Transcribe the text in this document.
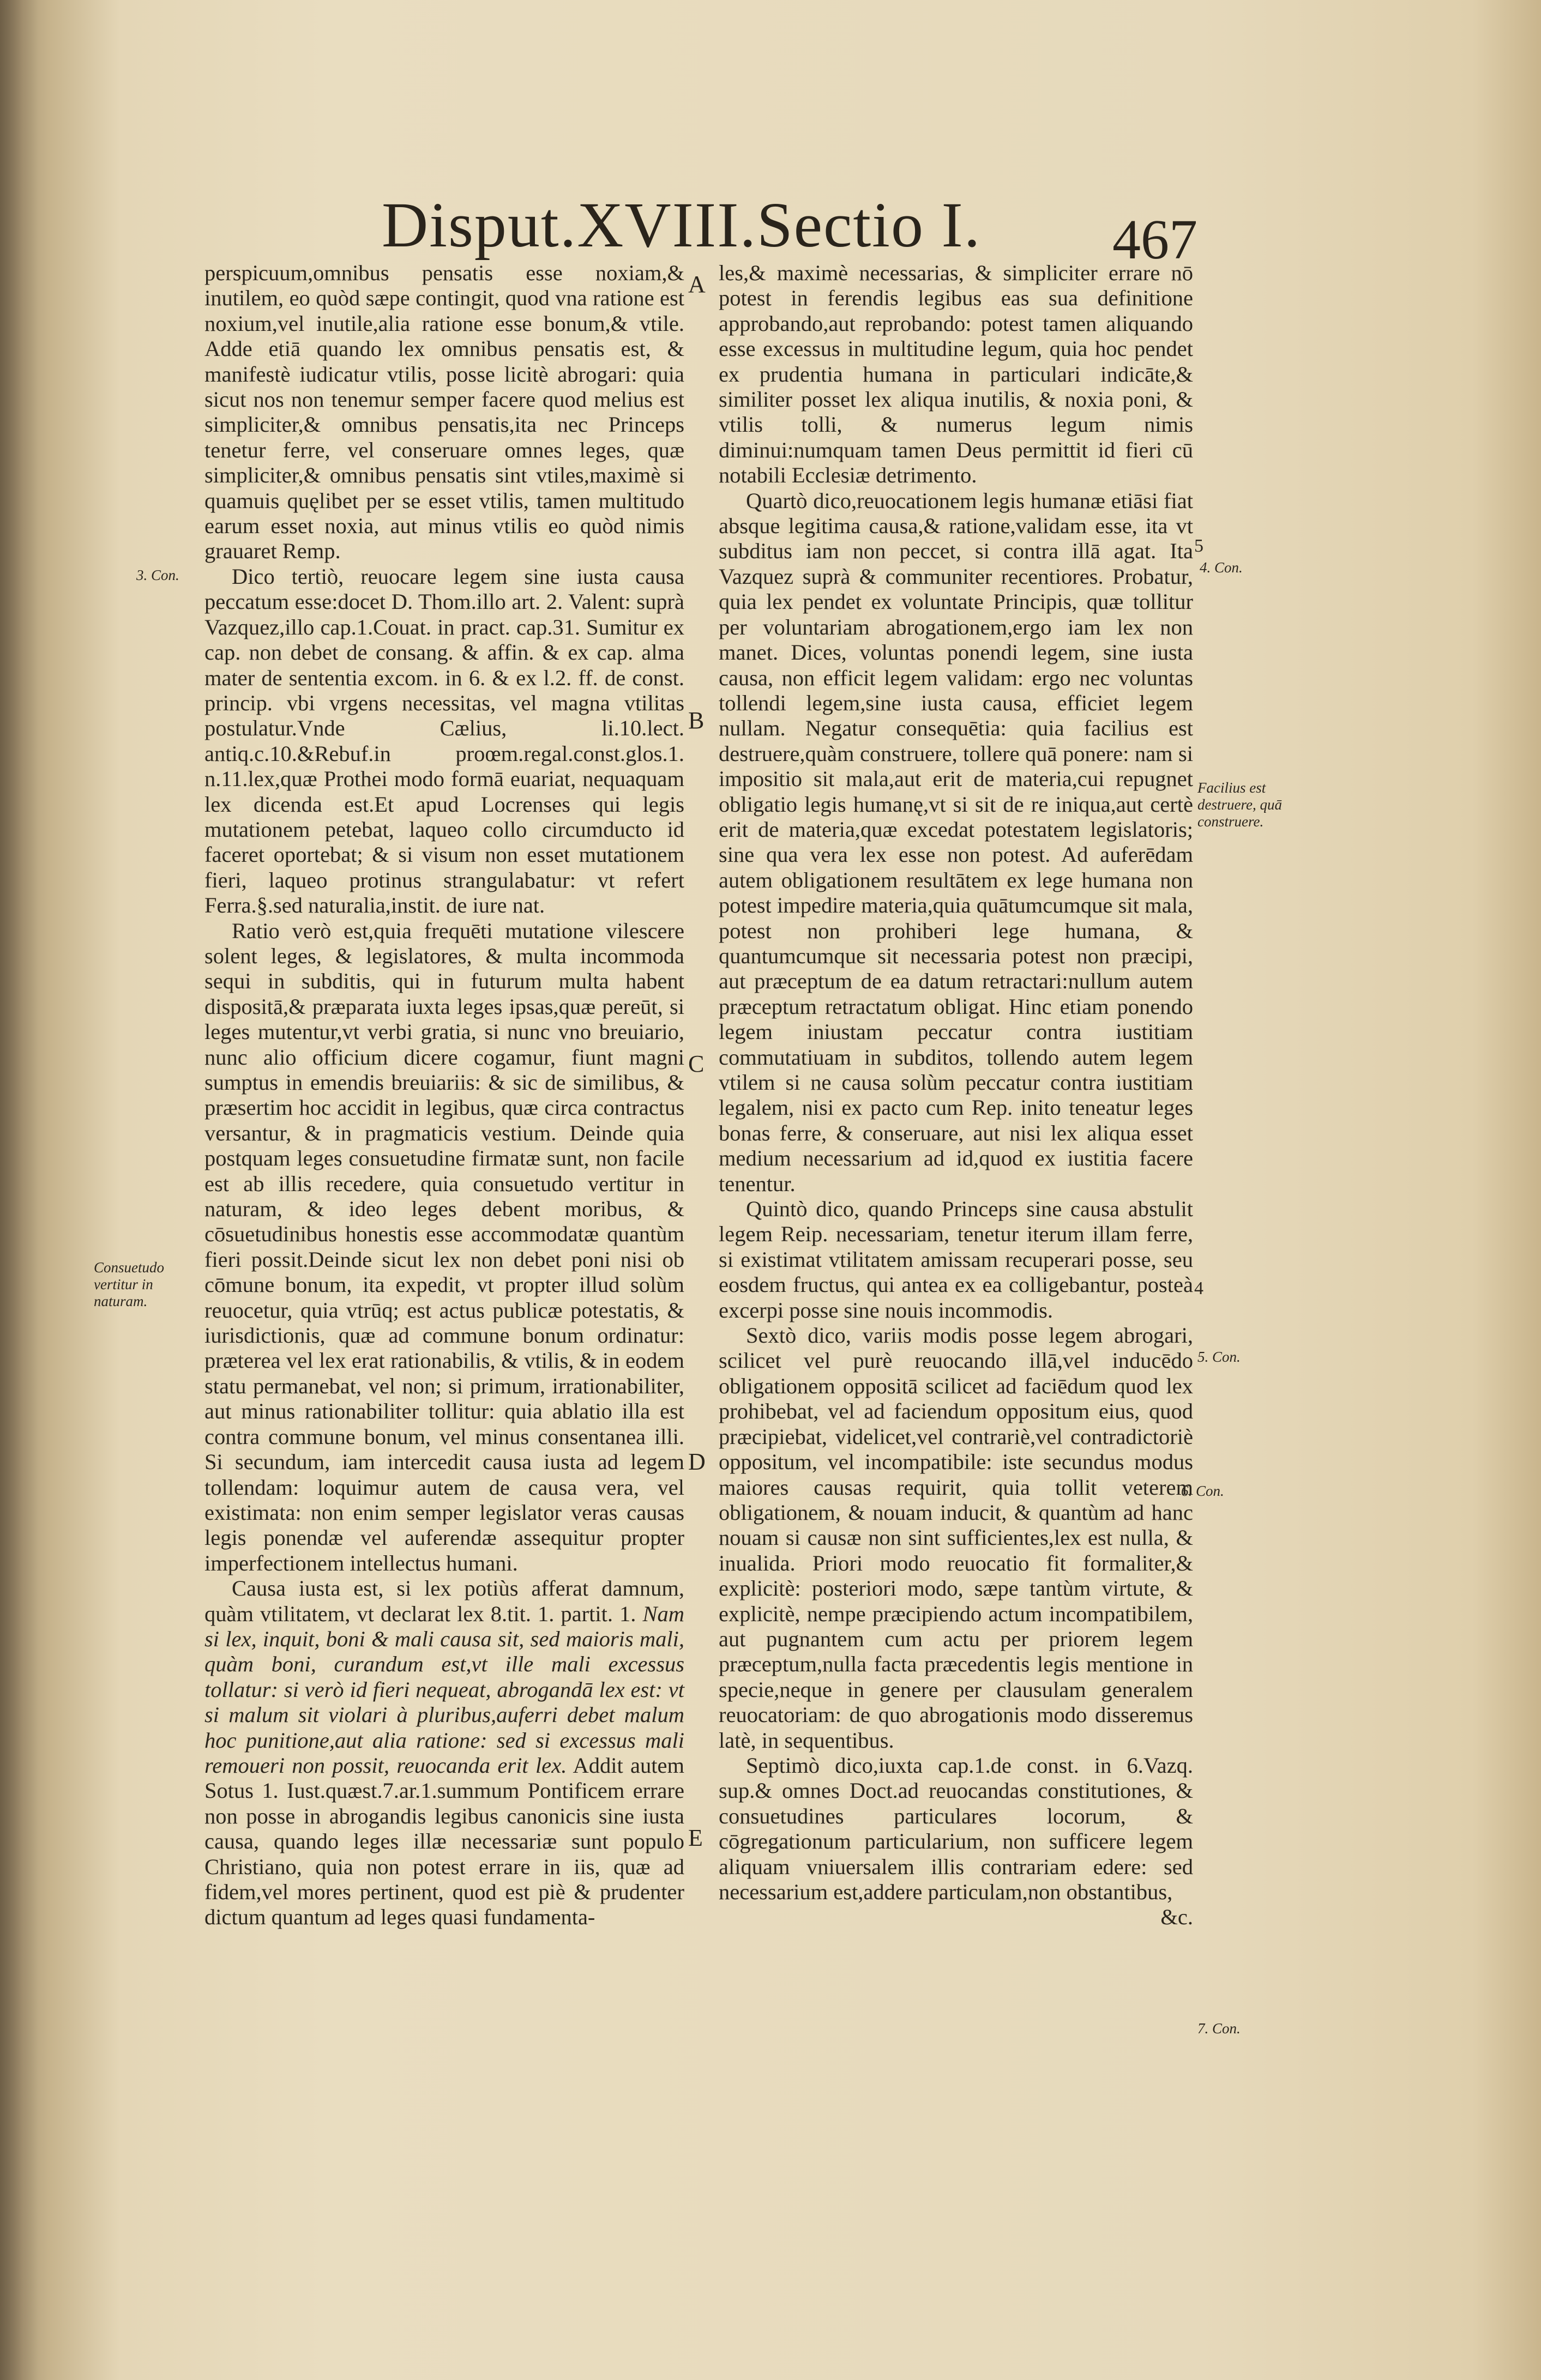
Disput.XVIII.Sectio I. 467
A
B
C
D
E
3. Con.
Consuetudo vertitur in naturam.
5
4. Con.
Facilius est destruere, quā construere.
4
5. Con.
6. Con.
7. Con.

perspicuum,omnibus pensatis esse noxiam,& inutilem, eo quòd sæpe contingit, quod vna ratione est noxium,vel inutile,alia ratione esse bonum,& vtile. Adde etiā quando lex omnibus pensatis est, & manifestè iudicatur vtilis, posse licitè abrogari: quia sicut nos non tenemur semper facere quod melius est simpliciter,& omnibus pensatis,ita nec Princeps tenetur ferre, vel conseruare omnes leges, quæ simpliciter,& omnibus pensatis sint vtiles,maximè si quamuis quęlibet per se esset vtilis, tamen multitudo earum esset noxia, aut minus vtilis eo quòd nimis grauaret Remp.

Dico tertiò, reuocare legem sine iusta causa peccatum esse:docet D. Thom.illo art. 2. Valent: suprà Vazquez,illo cap.1.Couat. in pract. cap.31. Sumitur ex cap. non debet de consang. & affin. & ex cap. alma mater de sententia excom. in 6. & ex l.2. ff. de const. princip. vbi vrgens necessitas, vel magna vtilitas postulatur.Vnde Cælius, li.10.lect. antiq.c.10.&Rebuf.in proœm.regal.const.glos.1. n.11.lex,quæ Prothei modo formā euariat, nequaquam lex dicenda est.Et apud Locrenses qui legis mutationem petebat, laqueo collo circumducto id faceret oportebat; & si visum non esset mutationem fieri, laqueo protinus strangulabatur: vt refert Ferra.§.sed naturalia,instit. de iure nat.

Ratio verò est,quia frequēti mutatione vilescere solent leges, & legislatores, & multa incommoda sequi in subditis, qui in futurum multa habent dispositā,& præparata iuxta leges ipsas,quæ pereūt, si leges mutentur,vt verbi gratia, si nunc vno breuiario, nunc alio officium dicere cogamur, fiunt magni sumptus in emendis breuiariis: & sic de similibus, & præsertim hoc accidit in legibus, quæ circa contractus versantur, & in pragmaticis vestium. Deinde quia postquam leges consuetudine firmatæ sunt, non facile est ab illis recedere, quia consuetudo vertitur in naturam, & ideo leges debent moribus, & cōsuetudinibus honestis esse accommodatæ quantùm fieri possit.Deinde sicut lex non debet poni nisi ob cōmune bonum, ita expedit, vt propter illud solùm reuocetur, quia vtrūq; est actus publicæ potestatis, & iurisdictionis, quæ ad commune bonum ordinatur: præterea vel lex erat rationabilis, & vtilis, & in eodem statu permanebat, vel non; si primum, irrationabiliter, aut minus rationabiliter tollitur: quia ablatio illa est contra commune bonum, vel minus consentanea illi. Si secundum, iam intercedit causa iusta ad legem tollendam: loquimur autem de causa vera, vel existimata: non enim semper legislator veras causas legis ponendæ vel auferendæ assequitur propter imperfectionem intellectus humani.

Causa iusta est, si lex potiùs afferat damnum, quàm vtilitatem, vt declarat lex 8.tit. 1. partit. 1. Nam si lex, inquit, boni & mali causa sit, sed maioris mali, quàm boni, curandum est,vt ille mali excessus tollatur: si verò id fieri nequeat, abrogandā lex est: vt si malum sit violari à pluribus,auferri debet malum hoc punitione,aut alia ratione: sed si excessus mali remoueri non possit, reuocanda erit lex. Addit autem Sotus 1. Iust.quæst.7.ar.1.summum Pontificem errare non posse in abrogandis legibus canonicis sine iusta causa, quando leges illæ necessariæ sunt populo Christiano, quia non potest errare in iis, quæ ad fidem,vel mores pertinent, quod est piè & prudenter dictum quantum ad leges quasi fundamenta-

les,& maximè necessarias, & simpliciter errare nō potest in ferendis legibus eas sua definitione approbando,aut reprobando: potest tamen aliquando esse excessus in multitudine legum, quia hoc pendet ex prudentia humana in particulari indicāte,& similiter posset lex aliqua inutilis, & noxia poni, & vtilis tolli, & numerus legum nimis diminui:numquam tamen Deus permittit id fieri cū notabili Ecclesiæ detrimento.

Quartò dico,reuocationem legis humanæ etiāsi fiat absque legitima causa,& ratione,validam esse, ita vt subditus iam non peccet, si contra illā agat. Ita Vazquez suprà & communiter recentiores. Probatur, quia lex pendet ex voluntate Principis, quæ tollitur per voluntariam abrogationem,ergo iam lex non manet. Dices, voluntas ponendi legem, sine iusta causa, non efficit legem validam: ergo nec voluntas tollendi legem,sine iusta causa, efficiet legem nullam. Negatur consequētia: quia facilius est destruere,quàm construere, tollere quā ponere: nam si impositio sit mala,aut erit de materia,cui repugnet obligatio legis humanę,vt si sit de re iniqua,aut certè erit de materia,quæ excedat potestatem legislatoris; sine qua vera lex esse non potest. Ad auferēdam autem obligationem resultātem ex lege humana non potest impedire materia,quia quātumcumque sit mala, potest non prohiberi lege humana, & quantumcumque sit necessaria potest non præcipi, aut præceptum de ea datum retractari:nullum autem præceptum retractatum obligat. Hinc etiam ponendo legem iniustam peccatur contra iustitiam commutatiuam in subditos, tollendo autem legem vtilem si ne causa solùm peccatur contra iustitiam legalem, nisi ex pacto cum Rep. inito teneatur leges bonas ferre, & conseruare, aut nisi lex aliqua esset medium necessarium ad id,quod ex iustitia facere tenentur.

Quintò dico, quando Princeps sine causa abstulit legem Reip. necessariam, tenetur iterum illam ferre, si existimat vtilitatem amissam recuperari posse, seu eosdem fructus, qui antea ex ea colligebantur, posteà excerpi posse sine nouis incommodis.

Sextò dico, variis modis posse legem abrogari, scilicet vel purè reuocando illā,vel inducēdo obligationem oppositā scilicet ad faciēdum quod lex prohibebat, vel ad faciendum oppositum eius, quod præcipiebat, videlicet,vel contrariè,vel contradictoriè oppositum, vel incompatibile: iste secundus modus maiores causas requirit, quia tollit veterem obligationem, & nouam inducit, & quantùm ad hanc nouam si causæ non sint sufficientes,lex est nulla, & inualida. Priori modo reuocatio fit formaliter,& explicitè: posteriori modo, sæpe tantùm virtute, & explicitè, nempe præcipiendo actum incompatibilem, aut pugnantem cum actu per priorem legem præceptum,nulla facta præcedentis legis mentione in specie,neque in genere per clausulam generalem reuocatoriam: de quo abrogationis modo disseremus latè, in sequentibus.

Septimò dico,iuxta cap.1.de const. in 6.Vazq. sup.& omnes Doct.ad reuocandas constitutiones, & consuetudines particulares locorum, & cōgregationum particularium, non sufficere legem aliquam vniuersalem illis contrariam edere: sed necessarium est,addere particulam,non obstantibus,

&c.
